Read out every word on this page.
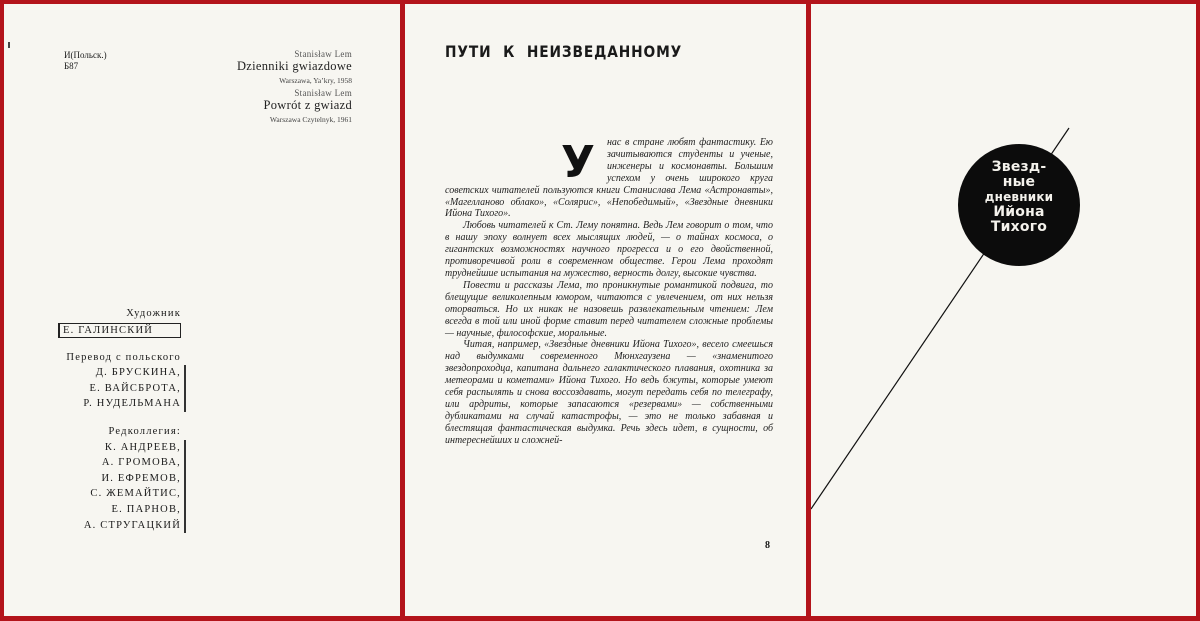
И(Польск.)
Б87
Stanisław Lem
Dzienniki gwiazdowe
Warszawa, Ya’kry, 1958
Stanisław Lem
Powrót z gwiazd
Warszawa Czytelnyk, 1961
Художник
Е. ГАЛИНСКИЙ
Перевод с польского
Д. БРУСКИНА,
Е. ВАЙСБРОТА,
Р. НУДЕЛЬМАНА
Редколлегия:
К. АНДРЕЕВ,
А. ГРОМОВА,
И. ЕФРЕМОВ,
С. ЖЕМАЙТИС,
Е. ПАРНОВ,
А. СТРУГАЦКИЙ
ПУТИ К НЕИЗВЕДАННОМУ
У	нас в стране любят фантастику. Ею зачитываются студенты и ученые, инженеры и космонавты. Большим успехом у очень широкого круга советских читателей пользуются книги Станислава Лема «Астронавты», «Магелланово облако», «Солярис», «Непобедимый», «Звездные дневники Ийона Тихого».

Любовь читателей к Ст. Лему понятна. Ведь Лем говорит о том, что в нашу эпоху волнует всех мыслящих людей, — о тайнах космоса, о гигантских возможностях научного прогресса и о его двойственной, противоречивой роли в современном обществе. Герои Лема проходят труднейшие испытания на мужество, верность долгу, высокие чувства.

Повести и рассказы Лема, то проникнутые романтикой подвига, то блещущие великолепным юмором, читаются с увлечением, от них нельзя оторваться. Но их никак не назовешь развлекательным чтением: Лем всегда в той или иной форме ставит перед читателем сложные проблемы — научные, философские, моральные.

Читая, например, «Звездные дневники Ийона Тихого», весело смеешься над выдумками современного Мюнхгаузена — «знаменитого звездопроходца, капитана дальнего галактического плавания, охотника за метеорами и кометами» Ийона Тихого. Но ведь бжуты, которые умеют себя распылять и снова воссоздавать, могут передать себя по телеграфу, или ардриты, которые запасаются «резервами» — собственными дубликатами на случай катастрофы, — это не только забавная и блестящая фантастическая выдумка. Речь здесь идет, в сущности, об интереснейших и сложней-

8
Звезд-
ные
дневники
Ийона
Тихого
